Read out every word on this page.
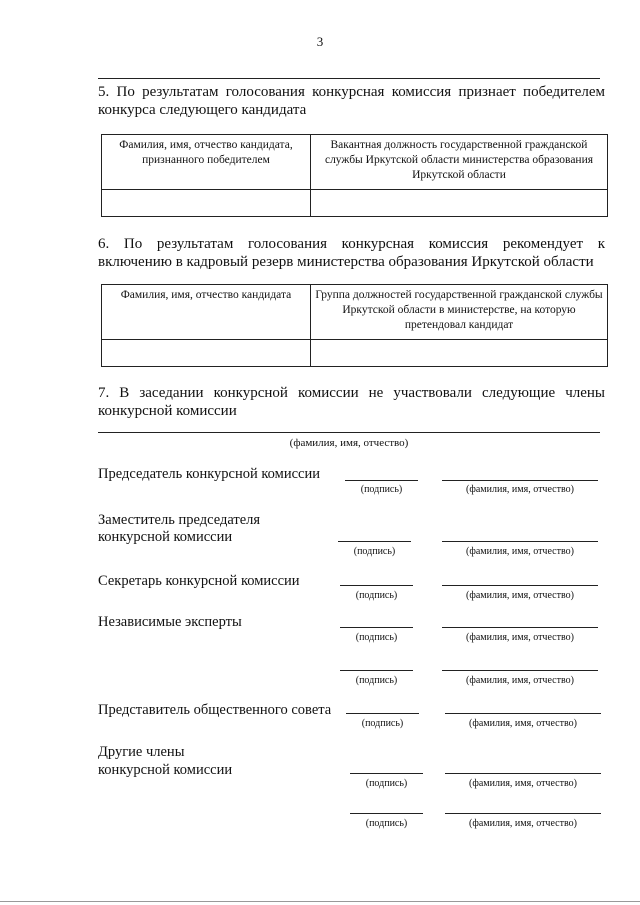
3
5. По результатам голосования конкурсная комиссия признает победителем конкурса следующего кандидата
Фамилия, имя, отчество кандидата, признанного победителем	Вакантная должность государственной гражданской службы Иркутской области министерства образования Иркутской области

6. По результатам голосования конкурсная комиссия рекомендует к включению в кадровый резерв министерства образования Иркутской области
Фамилия, имя, отчество кандидата	Группа должностей государственной гражданской службы Иркутской области в министерстве, на которую претендовал кандидат

7. В заседании конкурсной комиссии не участвовали следующие члены конкурсной комиссии
(фамилия, имя, отчество)
Председатель конкурсной комиссии
(подпись)	(фамилия, имя, отчество)
Заместитель председателя
конкурсной комиссии
(подпись)	(фамилия, имя, отчество)
Секретарь конкурсной комиссии
(подпись)	(фамилия, имя, отчество)
Независимые эксперты
(подпись)	(фамилия, имя, отчество)
(подпись)	(фамилия, имя, отчество)
Представитель общественного совета
(подпись)	(фамилия, имя, отчество)
Другие члены
конкурсной комиссии
(подпись)	(фамилия, имя, отчество)
(подпись)	(фамилия, имя, отчество)
